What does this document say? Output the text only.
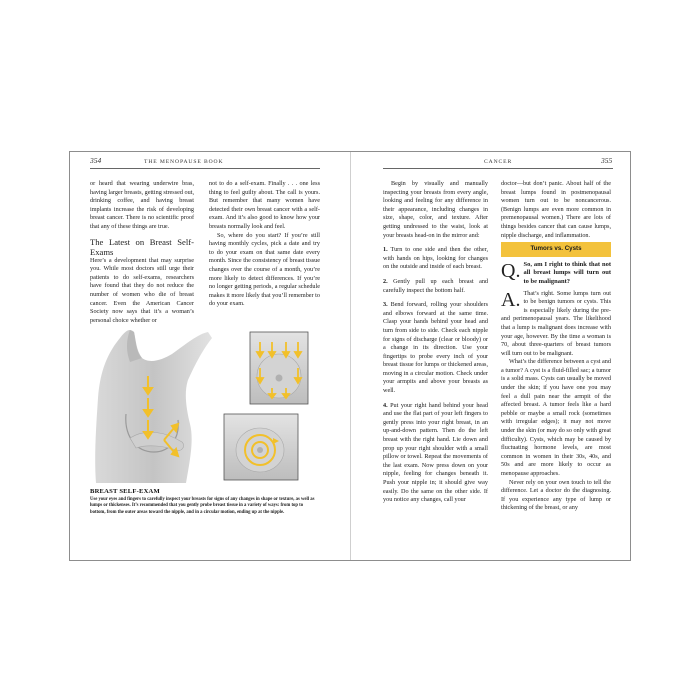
354	THE MENOPAUSE BOOK

or heard that wearing underwire bras, having larger breasts, getting stressed out, drinking coffee, and having breast implants increase the risk of developing breast cancer. There is no scientific proof that any of these things are true.

The Latest on Breast Self-Exams

Here’s a development that may surprise you. While most doctors still urge their patients to do self-exams, researchers have found that they do not reduce the number of women who die of breast cancer. Even the American Cancer Society now says that it’s a woman’s personal choice whether or

not to do a self-exam. Finally . . . one less thing to feel guilty about. The call is yours. But remember that many women have detected their own breast cancer with a self-exam. And it’s also good to know how your breasts normally look and feel.

So, where do you start? If you’re still having monthly cycles, pick a date and try to do your exam on that same date every month. Since the consistency of breast tissue changes over the course of a month, you’re more likely to detect differences. If you’re no longer getting periods, a regular schedule makes it more likely that you’ll remember to do your exam.

BREAST SELF-EXAM
Use your eyes and fingers to carefully inspect your breasts for signs of any changes in shape or texture, as well as lumps or thickenses. It’s recommended that you gently probe breast tissue in a variety of ways: from top to bottom, from the outer areas toward the nipple, and in a circular motion, ending up at the nipple.
CANCER	355

Begin by visually and manually inspecting your breasts from every angle, looking and feeling for any difference in their appearance, including changes in size, shape, color, and texture. After getting undressed to the waist, look at your breasts head-on in the mirror and:

1. Turn to one side and then the other, with hands on hips, looking for changes on the outside and inside of each breast.

2. Gently pull up each breast and carefully inspect the bottom half.

3. Bend forward, rolling your shoulders and elbows forward at the same time. Clasp your hands behind your head and turn from side to side. Check each nipple for signs of discharge (clear or bloody) or a change in its direction. Use your fingertips to probe every inch of your breast tissue for lumps or thickened areas, moving in a circular motion. Check under your armpits and above your breasts as well.

4. Put your right hand behind your head and use the flat part of your left fingers to gently press into your right breast, in an up-and-down pattern. Then do the left breast with the right hand. Lie down and prop up your right shoulder with a small pillow or towel. Repeat the movements of the last exam. Now press down on your nipple, feeling for changes beneath it. Push your nipple in; it should give way easily. Do the same on the other side. If you notice any changes, call your

doctor—but don’t panic. About half of the breast lumps found in postmenopausal women turn out to be noncancerous. (Benign lumps are even more common in premenopausal women.) There are lots of things besides cancer that can cause lumps, nipple discharge, and inflammation.

Tumors vs. Cysts
Q. So, am I right to think that not all breast lumps will turn out to be malignant?
A. That’s right. Some lumps turn out to be benign tumors or cysts. This is especially likely during the pre- and perimenopausal years. The likelihood that a lump is malignant does increase with your age, however. By the time a woman is 70, about three-quarters of breast tumors will turn out to be malignant.

What’s the difference between a cyst and a tumor? A cyst is a fluid-filled sac; a tumor is a solid mass. Cysts can usually be moved under the skin; if you have one you may feel a dull pain near the armpit of the affected breast. A tumor feels like a hard pebble or maybe a small rock (sometimes with irregular edges); it may not move under the skin (or may do so only with great difficulty). Cysts, which may be caused by fluctuating hormone levels, are most common in women in their 30s, 40s, and 50s and are more likely to occur as menopause approaches.

Never rely on your own touch to tell the difference. Let a doctor do the diagnosing. If you experience any type of lump or thickening of the breast, or any
